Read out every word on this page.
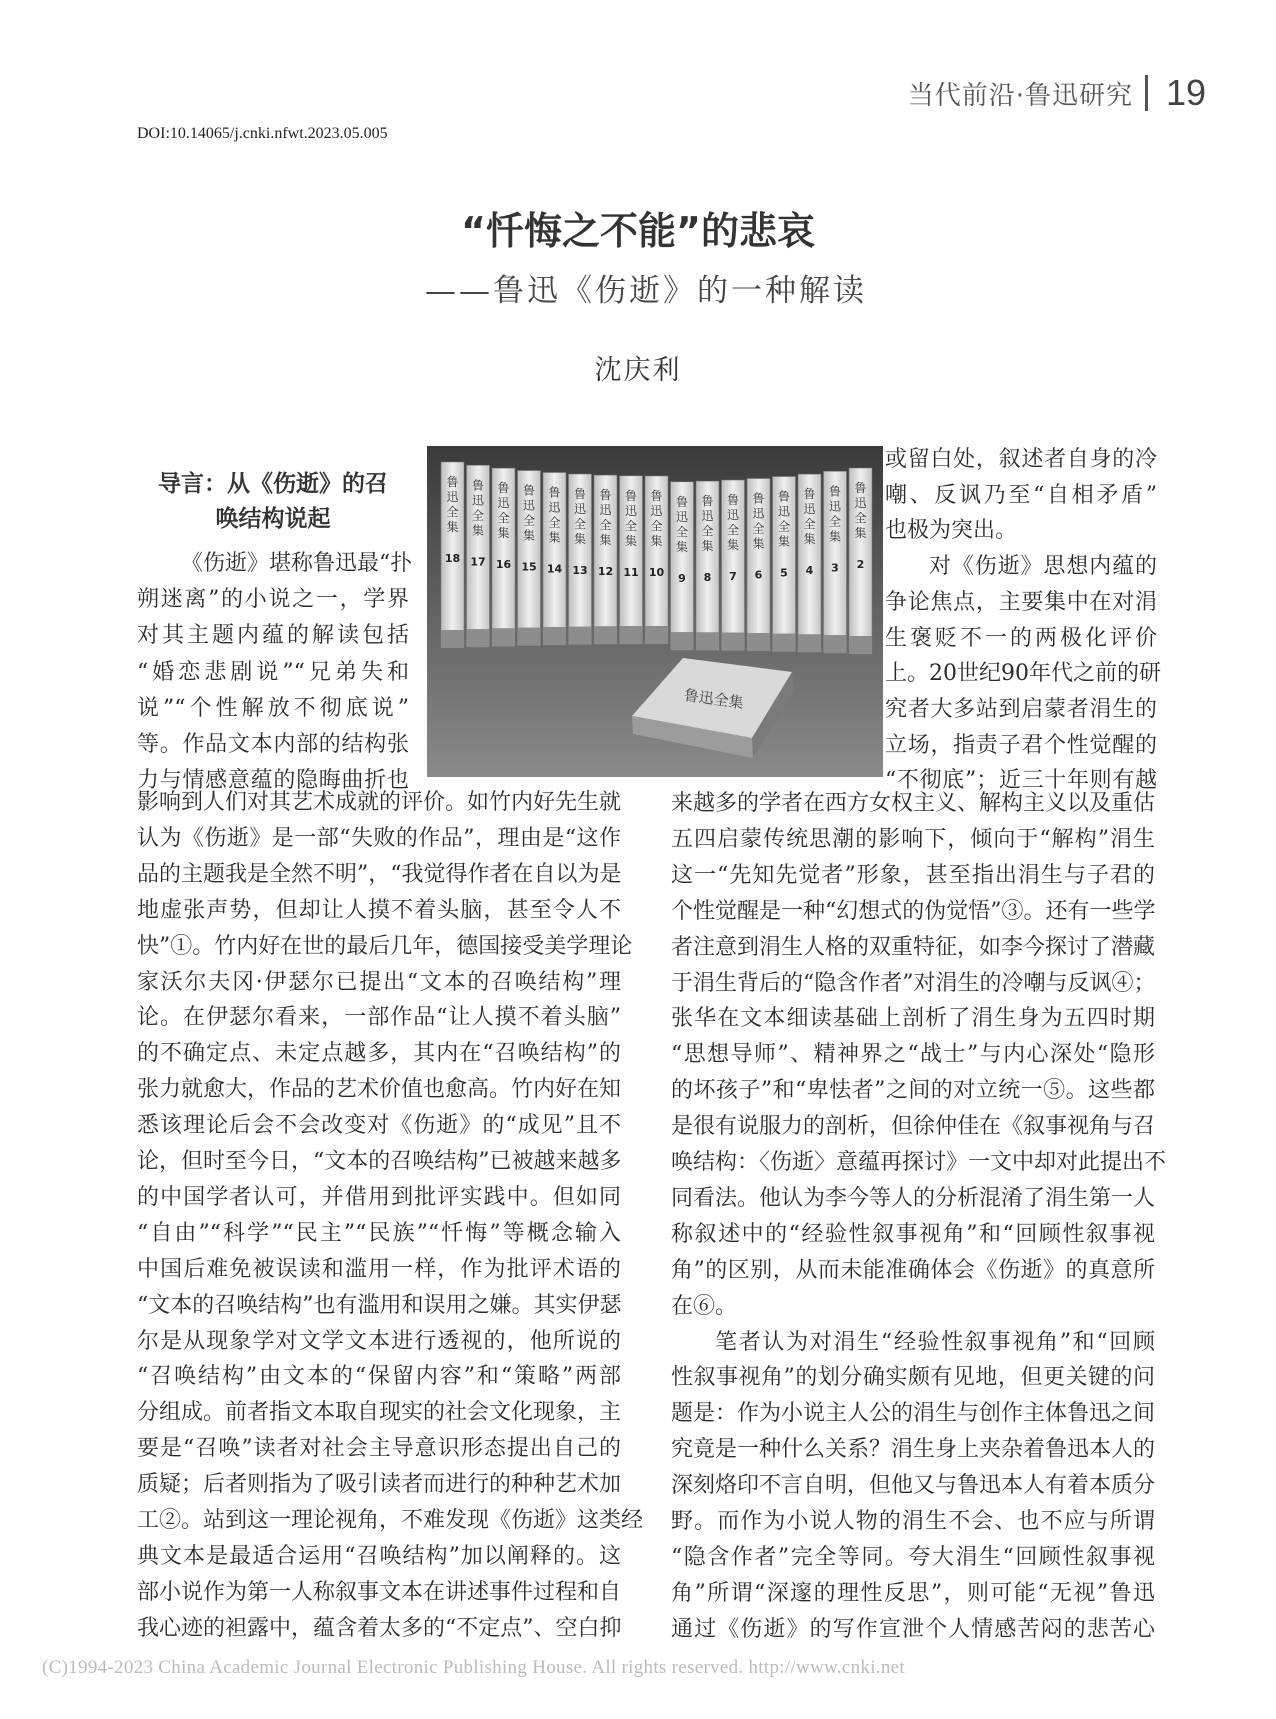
当代前沿·鲁迅研究 19
DOI:10.14065/j.cnki.nfwt.2023.05.005
“忏悔之不能”的悲哀
——鲁迅《伤逝》的一种解读
沈庆利
导言：从《伤逝》的召
唤结构说起
鲁
迅
全
集
18
鲁
迅
全
集
17
鲁
迅
全
集
16
鲁
迅
全
集
15
鲁
迅
全
集
14
鲁
迅
全
集
13
鲁
迅
全
集
12
鲁
迅
全
集
11
鲁
迅
全
集
10
鲁
迅
全
集
9
鲁
迅
全
集
8
鲁
迅
全
集
7
鲁
迅
全
集
6
鲁
迅
全
集
5
鲁
迅
全
集
4
鲁
迅
全
集
3
鲁
迅
全
集
2
鲁迅全集
《伤逝》堪称鲁迅最“扑
朔迷离”的小说之一，学界
对其主题内蕴的解读包括
“婚恋悲剧说”“兄弟失和
说”“个性解放不彻底说”
等。作品文本内部的结构张
力与情感意蕴的隐晦曲折也
影响到人们对其艺术成就的评价。如竹内好先生就
认为《伤逝》是一部“失败的作品”，理由是“这作
品的主题我是全然不明”，“我觉得作者在自以为是
地虚张声势，但却让人摸不着头脑，甚至令人不
快”①。竹内好在世的最后几年，德国接受美学理论
家沃尔夫冈·伊瑟尔已提出“文本的召唤结构”理
论。在伊瑟尔看来，一部作品“让人摸不着头脑”
的不确定点、未定点越多，其内在“召唤结构”的
张力就愈大，作品的艺术价值也愈高。竹内好在知
悉该理论后会不会改变对《伤逝》的“成见”且不
论，但时至今日，“文本的召唤结构”已被越来越多
的中国学者认可，并借用到批评实践中。但如同
“自由”“科学”“民主”“民族”“忏悔”等概念输入
中国后难免被误读和滥用一样，作为批评术语的
“文本的召唤结构”也有滥用和误用之嫌。其实伊瑟
尔是从现象学对文学文本进行透视的，他所说的
“召唤结构”由文本的“保留内容”和“策略”两部
分组成。前者指文本取自现实的社会文化现象，主
要是“召唤”读者对社会主导意识形态提出自己的
质疑；后者则指为了吸引读者而进行的种种艺术加
工②。站到这一理论视角，不难发现《伤逝》这类经
典文本是最适合运用“召唤结构”加以阐释的。这
部小说作为第一人称叙事文本在讲述事件过程和自
我心迹的袒露中，蕴含着太多的“不定点”、空白抑
或留白处，叙述者自身的冷
嘲、反讽乃至“自相矛盾”
也极为突出。
对《伤逝》思想内蕴的
争论焦点，主要集中在对涓
生褒贬不一的两极化评价
上。20世纪90年代之前的研
究者大多站到启蒙者涓生的
立场，指责子君个性觉醒的
“不彻底”；近三十年则有越
来越多的学者在西方女权主义、解构主义以及重估
五四启蒙传统思潮的影响下，倾向于“解构”涓生
这一“先知先觉者”形象，甚至指出涓生与子君的
个性觉醒是一种“幻想式的伪觉悟”③。还有一些学
者注意到涓生人格的双重特征，如李今探讨了潜藏
于涓生背后的“隐含作者”对涓生的冷嘲与反讽④；
张华在文本细读基础上剖析了涓生身为五四时期
“思想导师”、精神界之“战士”与内心深处“隐形
的坏孩子”和“卑怯者”之间的对立统一⑤。这些都
是很有说服力的剖析，但徐仲佳在《叙事视角与召
唤结构：〈伤逝〉意蕴再探讨》一文中却对此提出不
同看法。他认为李今等人的分析混淆了涓生第一人
称叙述中的“经验性叙事视角”和“回顾性叙事视
角”的区别，从而未能准确体会《伤逝》的真意所
在⑥。
笔者认为对涓生“经验性叙事视角”和“回顾
性叙事视角”的划分确实颇有见地，但更关键的问
题是：作为小说主人公的涓生与创作主体鲁迅之间
究竟是一种什么关系？涓生身上夹杂着鲁迅本人的
深刻烙印不言自明，但他又与鲁迅本人有着本质分
野。而作为小说人物的涓生不会、也不应与所谓
“隐含作者”完全等同。夸大涓生“回顾性叙事视
角”所谓“深邃的理性反思”，则可能“无视”鲁迅
通过《伤逝》的写作宣泄个人情感苦闷的悲苦心
(C)1994-2023 China Academic Journal Electronic Publishing House. All rights reserved. http://www.cnki.net
